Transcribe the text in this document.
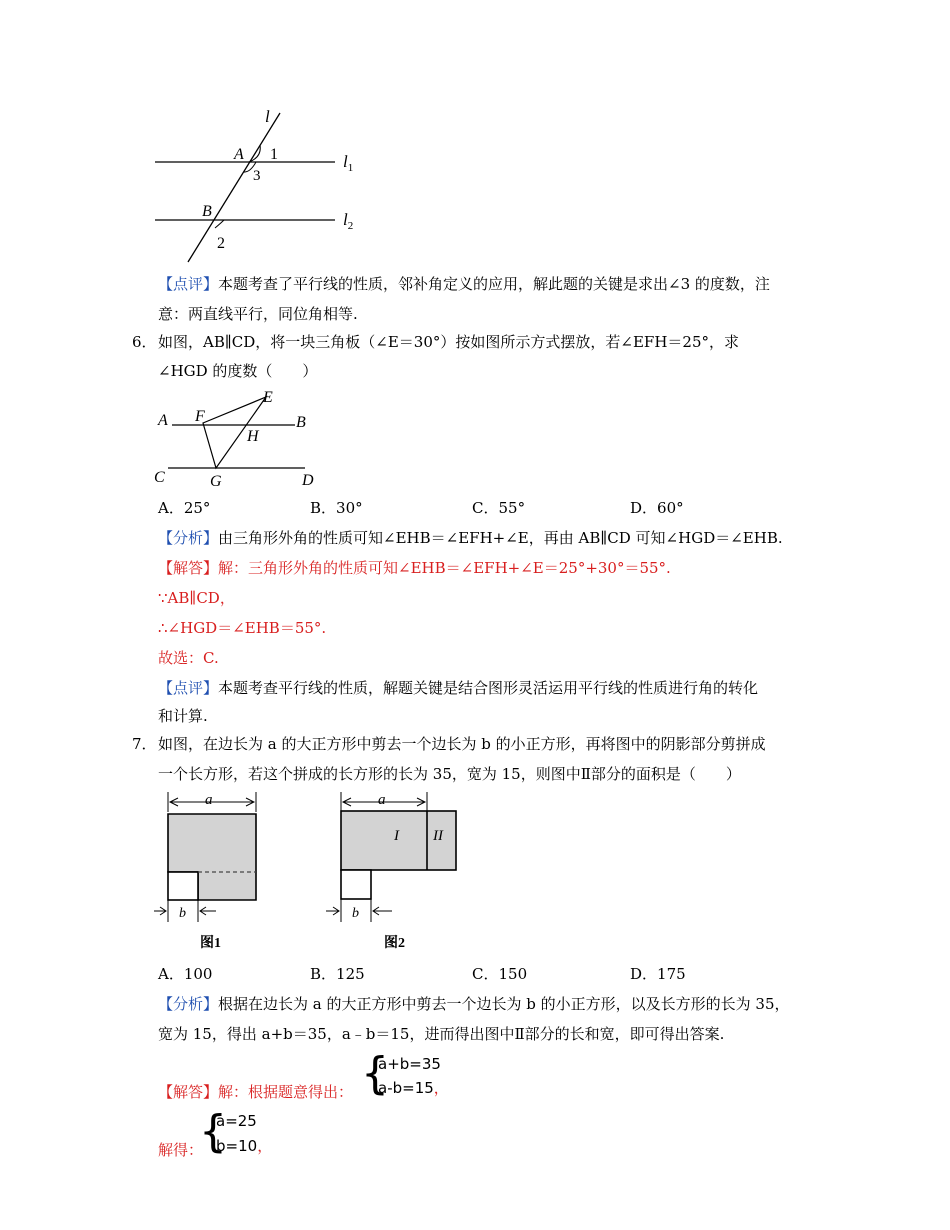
l
A 1
3
$l_1$
B	$l_2$
2
【点评】本题考查了平行线的性质，邻补角定义的应用，解此题的关键是求出∠3 的度数，注
意：两直线平行，同位角相等.
6． 如图，AB∥CD，将一块三角板（∠E＝30°）按如图所示方式摆放，若∠EFH＝25°，求
∠HGD 的度数（　　）
A	B
C	D
E
F
G
H
A．25°	B．30°	C．55°	D．60°
【分析】由三角形外角的性质可知∠EHB＝∠EFH+∠E，再由 AB∥CD 可知∠HGD＝∠EHB.
【解答】解：三角形外角的性质可知∠EHB＝∠EFH+∠E＝25°+30°＝55°.
∵AB∥CD，
∴∠HGD＝∠EHB＝55°.
故选：C.
【点评】本题考查平行线的性质，解题关键是结合图形灵活运用平行线的性质进行角的转化
和计算.
7． 如图，在边长为 a 的大正方形中剪去一个边长为 b 的小正方形，再将图中的阴影部分剪拼成
一个长方形，若这个拼成的长方形的长为 35，宽为 15，则图中Ⅱ部分的面积是（　　）
a
b
图1
a
I II
b
图2
A．100	B．125	C．150	D．175
【分析】根据在边长为 a 的大正方形中剪去一个边长为 b 的小正方形，以及长方形的长为 35，
宽为 15，得出 a+b＝35，a﹣b＝15，进而得出图中Ⅱ部分的长和宽，即可得出答案.
【解答】解：根据题意得出： {
a+b=35
a-b=15，
解得：
{
a=25
b=10，
